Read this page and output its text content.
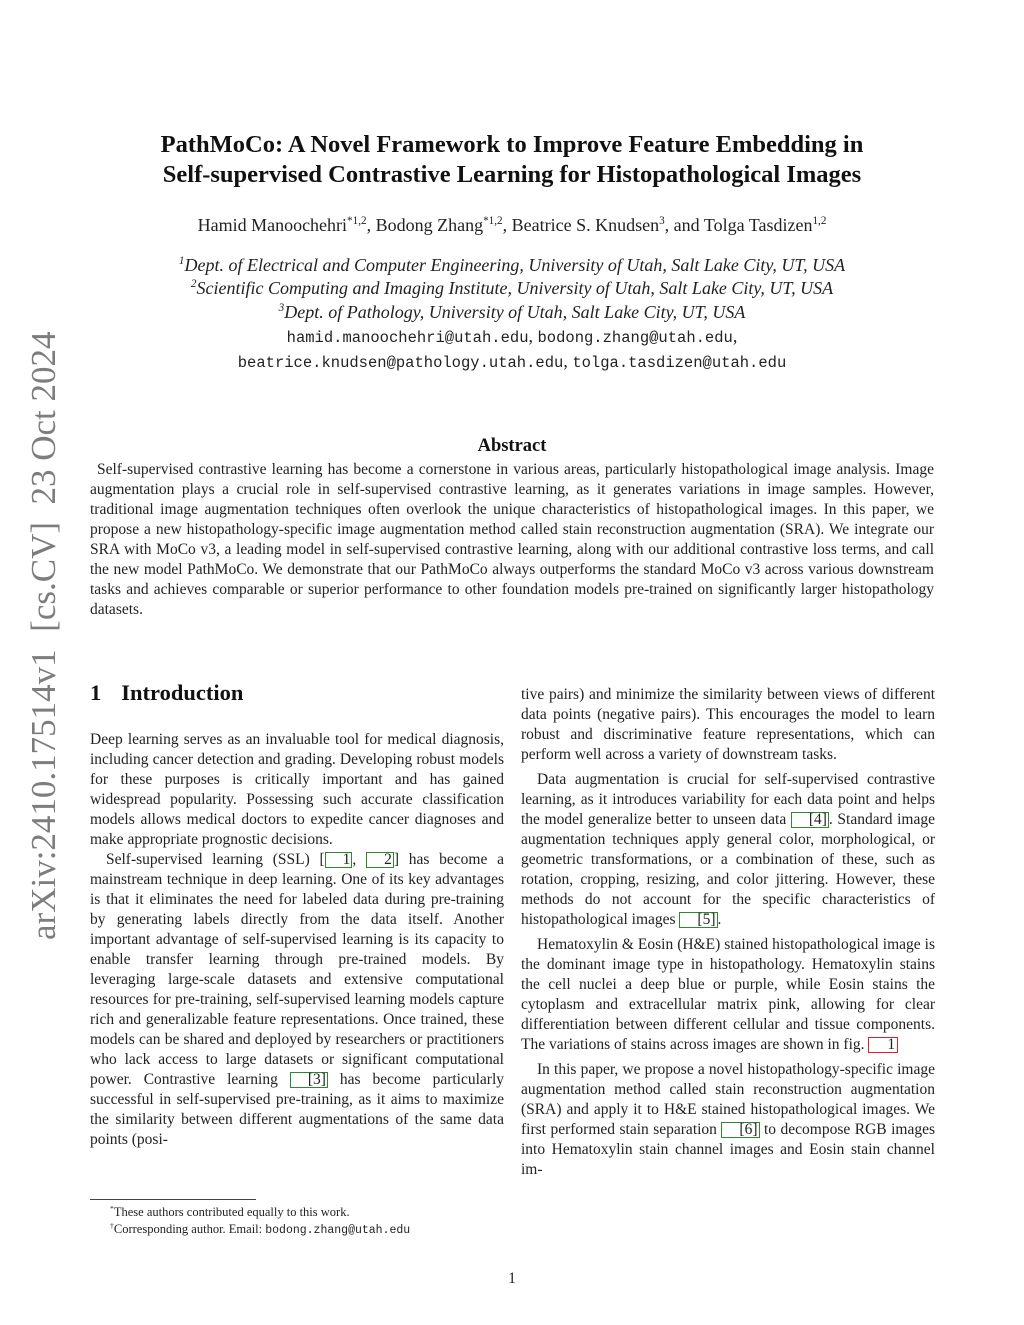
arXiv:2410.17514v1  [cs.CV]  23 Oct 2024
PathMoCo: A Novel Framework to Improve Feature Embedding in
Self-supervised Contrastive Learning for Histopathological Images
Hamid Manoochehri$^{*1,2}$, Bodong Zhang$^{*1,2}$, Beatrice S. Knudsen$^3$, and Tolga Tasdizen$^{1,2}$
$^1$Dept. of Electrical and Computer Engineering, University of Utah, Salt Lake City, UT, USA
$^2$Scientific Computing and Imaging Institute, University of Utah, Salt Lake City, UT, USA
$^3$Dept. of Pathology, University of Utah, Salt Lake City, UT, USA
hamid.manoochehri@utah.edu, bodong.zhang@utah.edu,
beatrice.knudsen@pathology.utah.edu, tolga.tasdizen@utah.edu
Abstract
Self-supervised contrastive learning has become a cornerstone in various areas, particularly histopathological image analysis. Image augmentation plays a crucial role in self-supervised contrastive learning, as it generates variations in image samples. However, traditional image augmentation techniques often overlook the unique characteristics of histopathological images. In this paper, we propose a new histopathology-specific image augmentation method called stain reconstruction augmentation (SRA). We integrate our SRA with MoCo v3, a leading model in self-supervised contrastive learning, along with our additional contrastive loss terms, and call the new model PathMoCo. We demonstrate that our PathMoCo always outperforms the standard MoCo v3 across various downstream tasks and achieves comparable or superior performance to other foundation models pre-trained on significantly larger histopathology datasets.
1 Introduction

Deep learning serves as an invaluable tool for medical diagnosis, including cancer detection and grading. Developing robust models for these purposes is critically important and has gained widespread popularity. Possessing such accurate classification models allows medical doctors to expedite cancer diagnoses and make appropriate prognostic decisions.

Self-supervised learning (SSL) [ 1 , 2 ] has become a mainstream technique in deep learning. One of its key advantages is that it eliminates the need for labeled data during pre-training by generating labels directly from the data itself. Another important advantage of self-supervised learning is its capacity to enable transfer learning through pre-trained models. By leveraging large-scale datasets and extensive computational resources for pre-training, self-supervised learning models capture rich and generalizable feature representations. Once trained, these models can be shared and deployed by researchers or practitioners who lack access to large datasets or significant computational power. Contrastive learning [3] has become particularly successful in self-supervised pre-training, as it aims to maximize the similarity between different augmentations of the same data points (posi-

tive pairs) and minimize the similarity between views of different data points (negative pairs). This encourages the model to learn robust and discriminative feature representations, which can perform well across a variety of downstream tasks.

Data augmentation is crucial for self-supervised contrastive learning, as it introduces variability for each data point and helps the model generalize better to unseen data [4] . Standard image augmentation techniques apply general color, morphological, or geometric transformations, or a combination of these, such as rotation, cropping, resizing, and color jittering. However, these methods do not account for the specific characteristics of histopathological images [5] .

Hematoxylin & Eosin (H&E) stained histopathological image is the dominant image type in histopathology. Hematoxylin stains the cell nuclei a deep blue or purple, while Eosin stains the cytoplasm and extracellular matrix pink, allowing for clear differentiation between different cellular and tissue components. The variations of stains across images are shown in fig. 1

In this paper, we propose a novel histopathology-specific image augmentation method called stain reconstruction augmentation (SRA) and apply it to H&E stained histopathological images. We first performed stain separation [6] to decompose RGB images into Hematoxylin stain channel images and Eosin stain channel im-

*These authors contributed equally to this work.
†Corresponding author. Email: bodong.zhang@utah.edu
1
